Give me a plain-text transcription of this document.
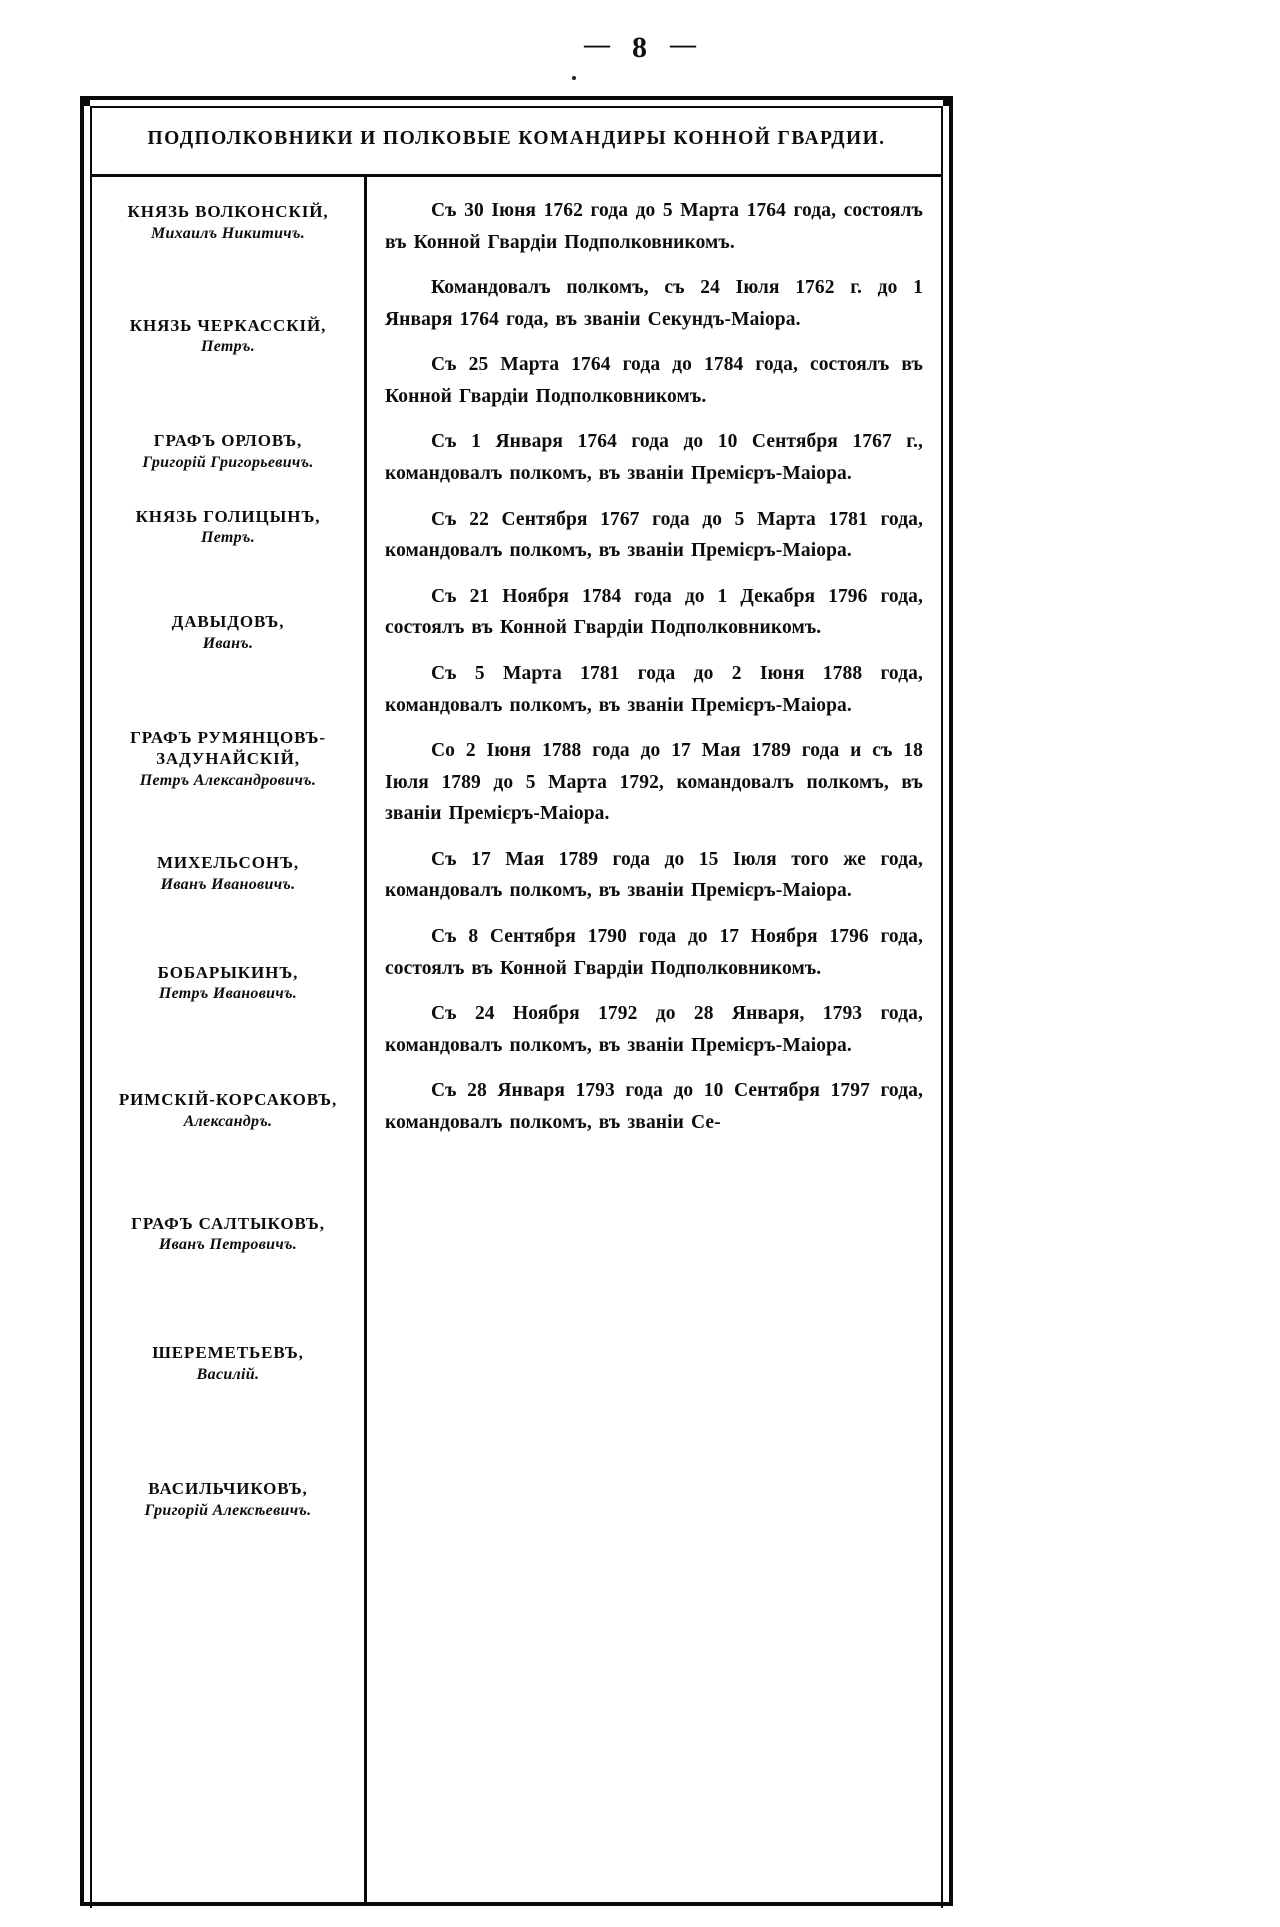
— 8 —
ПОДПОЛКОВНИКИ И ПОЛКОВЫЕ КОМАНДИРЫ КОННОЙ ГВАРДИИ.
КНЯЗЬ ВОЛКОНСКІЙ,
Михаилъ Никитичъ.
КНЯЗЬ ЧЕРКАССКІЙ,
Петръ.
ГРАФЪ ОРЛОВЪ,
Григорій Григорьевичъ.
КНЯЗЬ ГОЛИЦЫНЪ,
Петръ.
ДАВЫДОВЪ,
Иванъ.
ГРАФЪ РУМЯНЦОВЪ-ЗАДУНАЙСКІЙ,
Петръ Александровичъ.
МИХЕЛЬСОНЪ,
Иванъ Ивановичъ.
БОБАРЫКИНЪ,
Петръ Ивановичъ.
РИМСКІЙ-КОРСАКОВЪ,
Александръ.
ГРАФЪ САЛТЫКОВЪ,
Иванъ Петровичъ.
ШЕРЕМЕТЬЕВЪ,
Василій.
ВАСИЛЬЧИКОВЪ,
Григорій Алексѣевичъ.
Съ 30 Іюня 1762 года до 5 Марта 1764 года, состоялъ въ Конной Гвардіи Подполковникомъ.
Командовалъ полкомъ, съ 24 Іюля 1762 г. до 1 Января 1764 года, въ званіи Секундъ-Маіора.
Съ 25 Марта 1764 года до 1784 года, состоялъ въ Конной Гвардіи Подполковникомъ.
Съ 1 Января 1764 года до 10 Сентября 1767 г., командовалъ полкомъ, въ званіи Премієръ-Маіора.
Съ 22 Сентября 1767 года до 5 Марта 1781 года, командовалъ полкомъ, въ званіи Премієръ-Маіора.
Съ 21 Ноября 1784 года до 1 Декабря 1796 года, состоялъ въ Конной Гвардіи Подполковникомъ.
Съ 5 Марта 1781 года до 2 Іюня 1788 года, командовалъ полкомъ, въ званіи Премієръ-Маіора.
Со 2 Іюня 1788 года до 17 Мая 1789 года и съ 18 Іюля 1789 до 5 Марта 1792, командовалъ полкомъ, въ званіи Премієръ-Маіора.
Съ 17 Мая 1789 года до 15 Іюля того же года, командовалъ полкомъ, въ званіи Премієръ-Маіора.
Съ 8 Сентября 1790 года до 17 Ноября 1796 года, состоялъ въ Конной Гвардіи Подполковникомъ.
Съ 24 Ноября 1792 до 28 Января, 1793 года, командовалъ полкомъ, въ званіи Премієръ-Маіора.
Съ 28 Января 1793 года до 10 Сентября 1797 года, командовалъ полкомъ, въ званіи Се-
